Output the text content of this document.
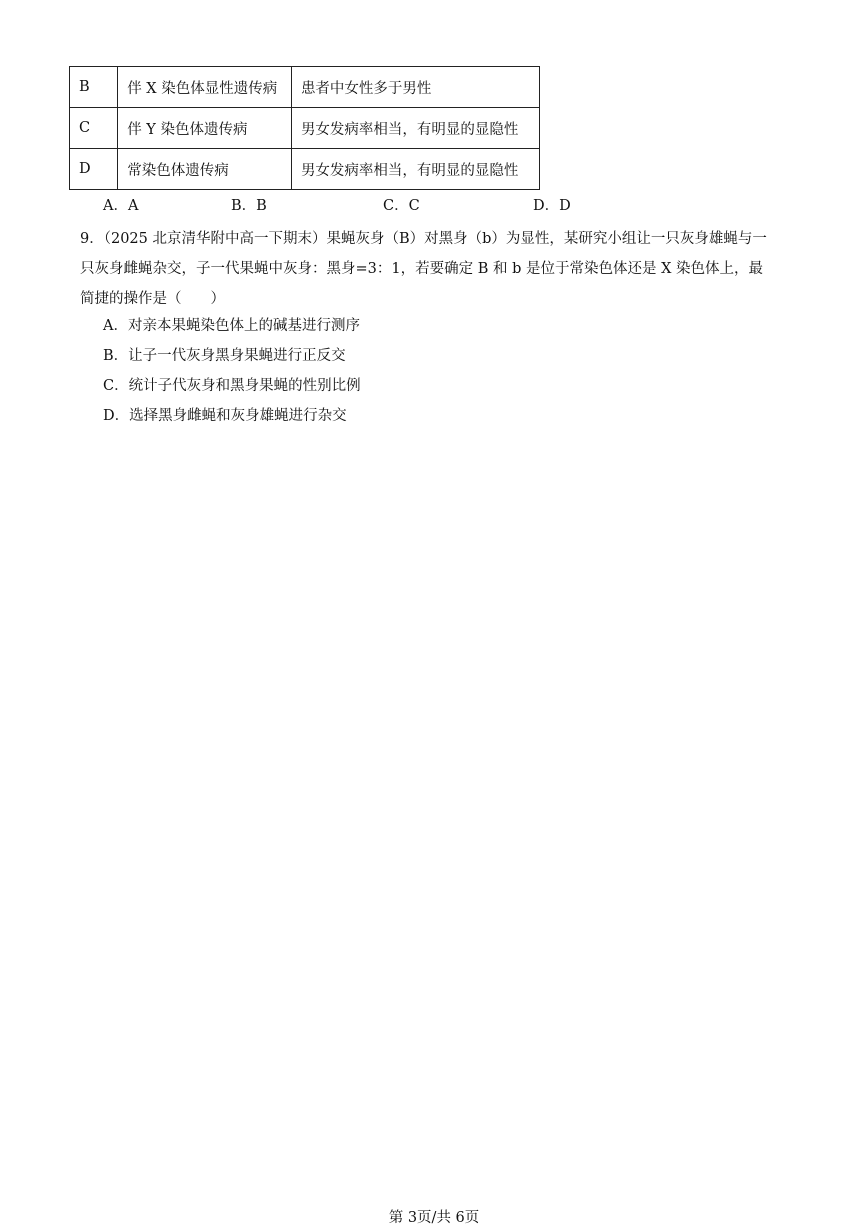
B	伴 X 染色体显性遗传病	患者中女性多于男性
C	伴 Y 染色体遗传病	男女发病率相当，有明显的显隐性
D	常染色体遗传病	男女发病率相当，有明显的显隐性
A．A	B．B	C．C	D．D
9．（2025 北京清华附中高一下期末）果蝇灰身（B）对黑身（b）为显性，某研究小组让一只灰身雄蝇与一
只灰身雌蝇杂交，子一代果蝇中灰身：黑身=3：1，若要确定 B 和 b 是位于常染色体还是 X 染色体上，最
简捷的操作是（　　）
A．对亲本果蝇染色体上的碱基进行测序
B．让子一代灰身黑身果蝇进行正反交
C．统计子代灰身和黑身果蝇的性别比例
D．选择黑身雌蝇和灰身雄蝇进行杂交
第 3页/共 6页
